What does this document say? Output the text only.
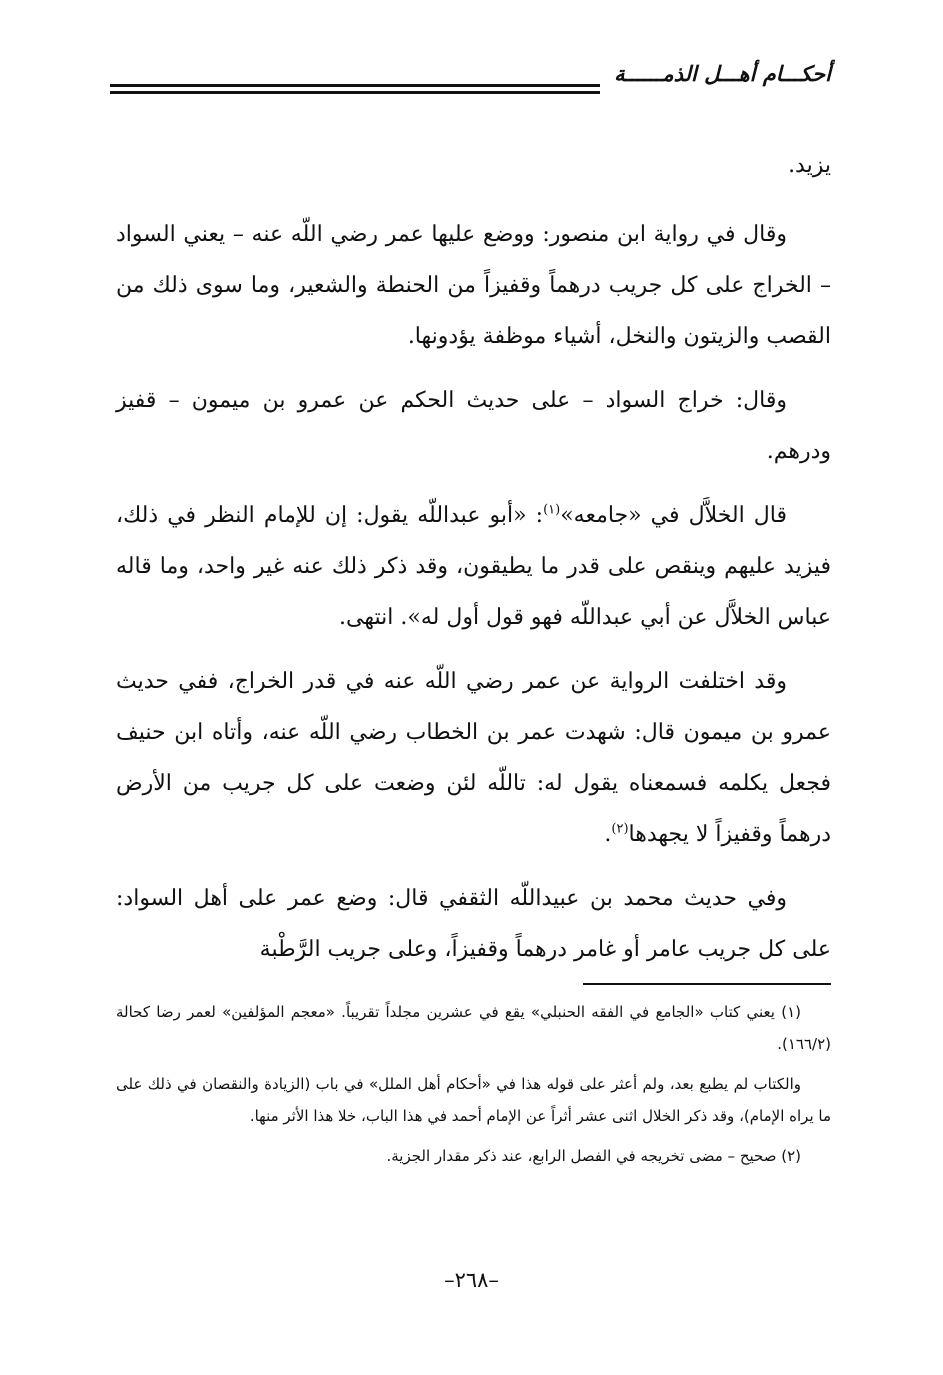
أحكـــام أهـــل الذمــــــة

يزيد.

وقال في رواية ابن منصور: ووضع عليها عمر رضي اللّه عنه – يعني السواد – الخراج على كل جريب درهماً وقفيزاً من الحنطة والشعير، وما سوى ذلك من القصب والزيتون والنخل، أشياء موظفة يؤدونها.

وقال: خراج السواد – على حديث الحكم عن عمرو بن ميمون – قفيز ودرهم.

قال الخلاَّل في «جامعه»$^{(١)}$: «أبو عبداللّه يقول: إن للإمام النظر في ذلك، فيزيد عليهم وينقص على قدر ما يطيقون، وقد ذكر ذلك عنه غير واحد، وما قاله عباس الخلاَّل عن أبي عبداللّه فهو قول أول له». انتهى.

وقد اختلفت الرواية عن عمر رضي اللّه عنه في قدر الخراج، ففي حديث عمرو بن ميمون قال: شهدت عمر بن الخطاب رضي اللّه عنه، وأتاه ابن حنيف فجعل يكلمه فسمعناه يقول له: تاللّه لئن وضعت على كل جريب من الأرض درهماً وقفيزاً لا يجهدها$^{(٢)}$.

وفي حديث محمد بن عبيداللّه الثقفي قال: وضع عمر على أهل السواد: على كل جريب عامر أو غامر درهماً وقفيزاً، وعلى جريب الرَّطْبة

(١) يعني كتاب «الجامع في الفقه الحنبلي» يقع في عشرين مجلداً تقريباً. «معجم المؤلفين» لعمر رضا كحالة (١٦٦/٢).

والكتاب لم يطبع بعد، ولم أعثر على قوله هذا في «أحكام أهل الملل» في باب (الزيادة والنقصان في ذلك على ما يراه الإمام)، وقد ذكر الخلال اثنى عشر أثراً عن الإمام أحمد في هذا الباب، خلا هذا الأثر منها.

(٢) صحيح – مضى تخريجه في الفصل الرابع، عند ذكر مقدار الجزية.

–٢٦٨–
